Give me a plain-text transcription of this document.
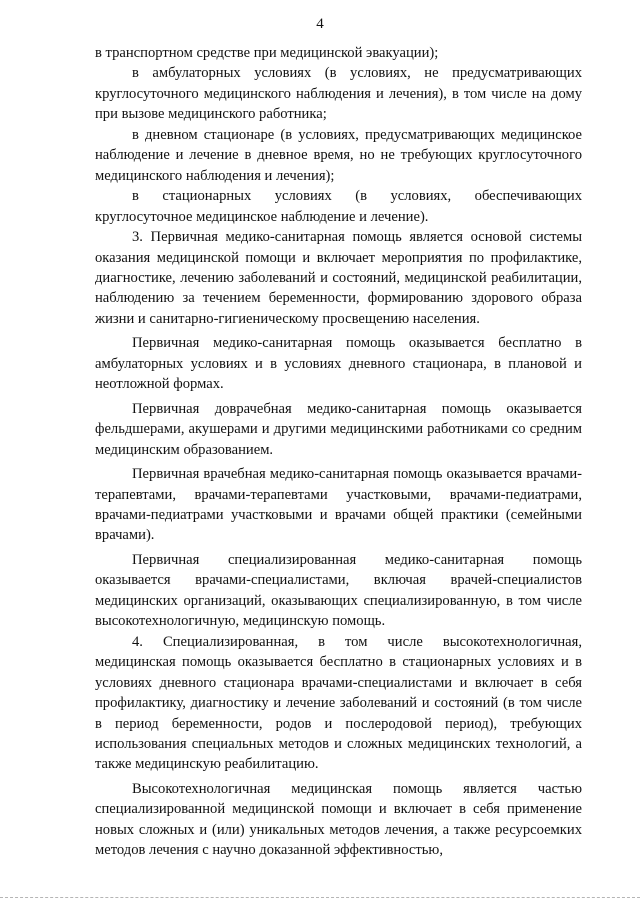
4

в транспортном средстве при медицинской эвакуации);

в амбулаторных условиях (в условиях, не предусматривающих круглосуточного медицинского наблюдения и лечения), в том числе на дому при вызове медицинского работника;

в дневном стационаре (в условиях, предусматривающих медицинское наблюдение и лечение в дневное время, но не требующих круглосуточного медицинского наблюдения и лечения);

в стационарных условиях (в условиях, обеспечивающих круглосуточное медицинское наблюдение и лечение).

3. Первичная медико-санитарная помощь является основой системы оказания медицинской помощи и включает мероприятия по профилактике, диагностике, лечению заболеваний и состояний, медицинской реабилитации, наблюдению за течением беременности, формированию здорового образа жизни и санитарно-гигиеническому просвещению населения.

Первичная медико-санитарная помощь оказывается бесплатно в амбулаторных условиях и в условиях дневного стационара, в плановой и неотложной формах.

Первичная доврачебная медико-санитарная помощь оказывается фельдшерами, акушерами и другими медицинскими работниками со средним медицинским образованием.

Первичная врачебная медико-санитарная помощь оказывается врачами-терапевтами, врачами-терапевтами участковыми, врачами-педиатрами, врачами-педиатрами участковыми и врачами общей практики (семейными врачами).

Первичная специализированная медико-санитарная помощь оказывается врачами-специалистами, включая врачей-специалистов медицинских организаций, оказывающих специализированную, в том числе высокотехнологичную, медицинскую помощь.

4. Специализированная, в том числе высокотехнологичная, медицинская помощь оказывается бесплатно в стационарных условиях и в условиях дневного стационара врачами-специалистами и включает в себя профилактику, диагностику и лечение заболеваний и состояний (в том числе в период беременности, родов и послеродовой период), требующих использования специальных методов и сложных медицинских технологий, а также медицинскую реабилитацию.

Высокотехнологичная медицинская помощь является частью специализированной медицинской помощи и включает в себя применение новых сложных и (или) уникальных методов лечения, а также ресурсоемких методов лечения с научно доказанной эффективностью,
